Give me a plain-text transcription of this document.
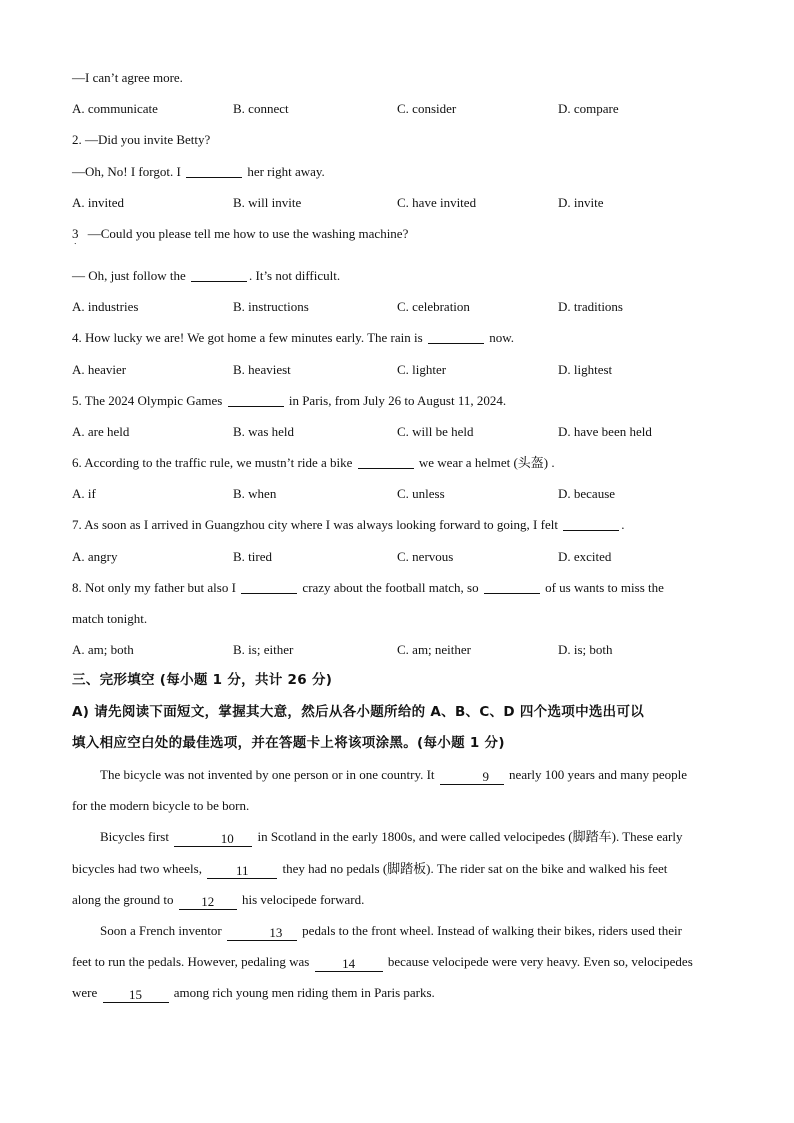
—I can’t agree more.
A. communicate	B. connect	C. consider	D. compare
2. —Did you invite Betty?
—Oh, No! I forgot. I	her right away.
A. invited	B. will invite	C. have invited	D. invite
3
．
—Could you please tell me how to use the washing machine?
— Oh, just follow the	. It’s not difficult.
A. industries	B. instructions	C. celebration	D. traditions
4. How lucky we are! We got home a few minutes early. The rain is	now.
A. heavier	B. heaviest	C. lighter	D. lightest
5. The 2024 Olympic Games	in Paris, from July 26 to August 11, 2024.
A. are held	B. was held	C. will be held	D. have been held
6. According to the traffic rule, we mustn’t ride a bike	we wear a helmet (头盔) .
A. if	B. when	C. unless	D. because
7. As soon as I arrived in Guangzhou city where I was always looking forward to going, I felt	.
A. angry	B. tired	C. nervous	D. excited
8. Not only my father but also I	crazy about the football match, so	of us wants to miss the
match tonight.
A. am; both	B. is; either	C. am; neither	D. is; both
三、完形填空 (每小题 1 分，共计 26 分)
A) 请先阅读下面短文，掌握其大意，然后从各小题所给的 A、B、C、D 四个选项中选出可以
填入相应空白处的最佳选项，并在答题卡上将该项涂黑。(每小题 1 分)
The bicycle was not invented by one person or in one country. It	9 nearly 100 years and many people
for the modern bicycle to be born.
Bicycles first	10 in Scotland in the early 1800s, and were called velocipedes (脚踏车). These early
bicycles had two wheels,	11	they had no pedals (脚踏板). The rider sat on the bike and walked his feet
along the ground to 12 his velocipede forward.
Soon a French inventor	13 pedals to the front wheel. Instead of walking their bikes, riders used their
feet to run the pedals. However, pedaling was	14	because velocipede were very heavy. Even so, velocipedes
were 15 among rich young men riding them in Paris parks.
